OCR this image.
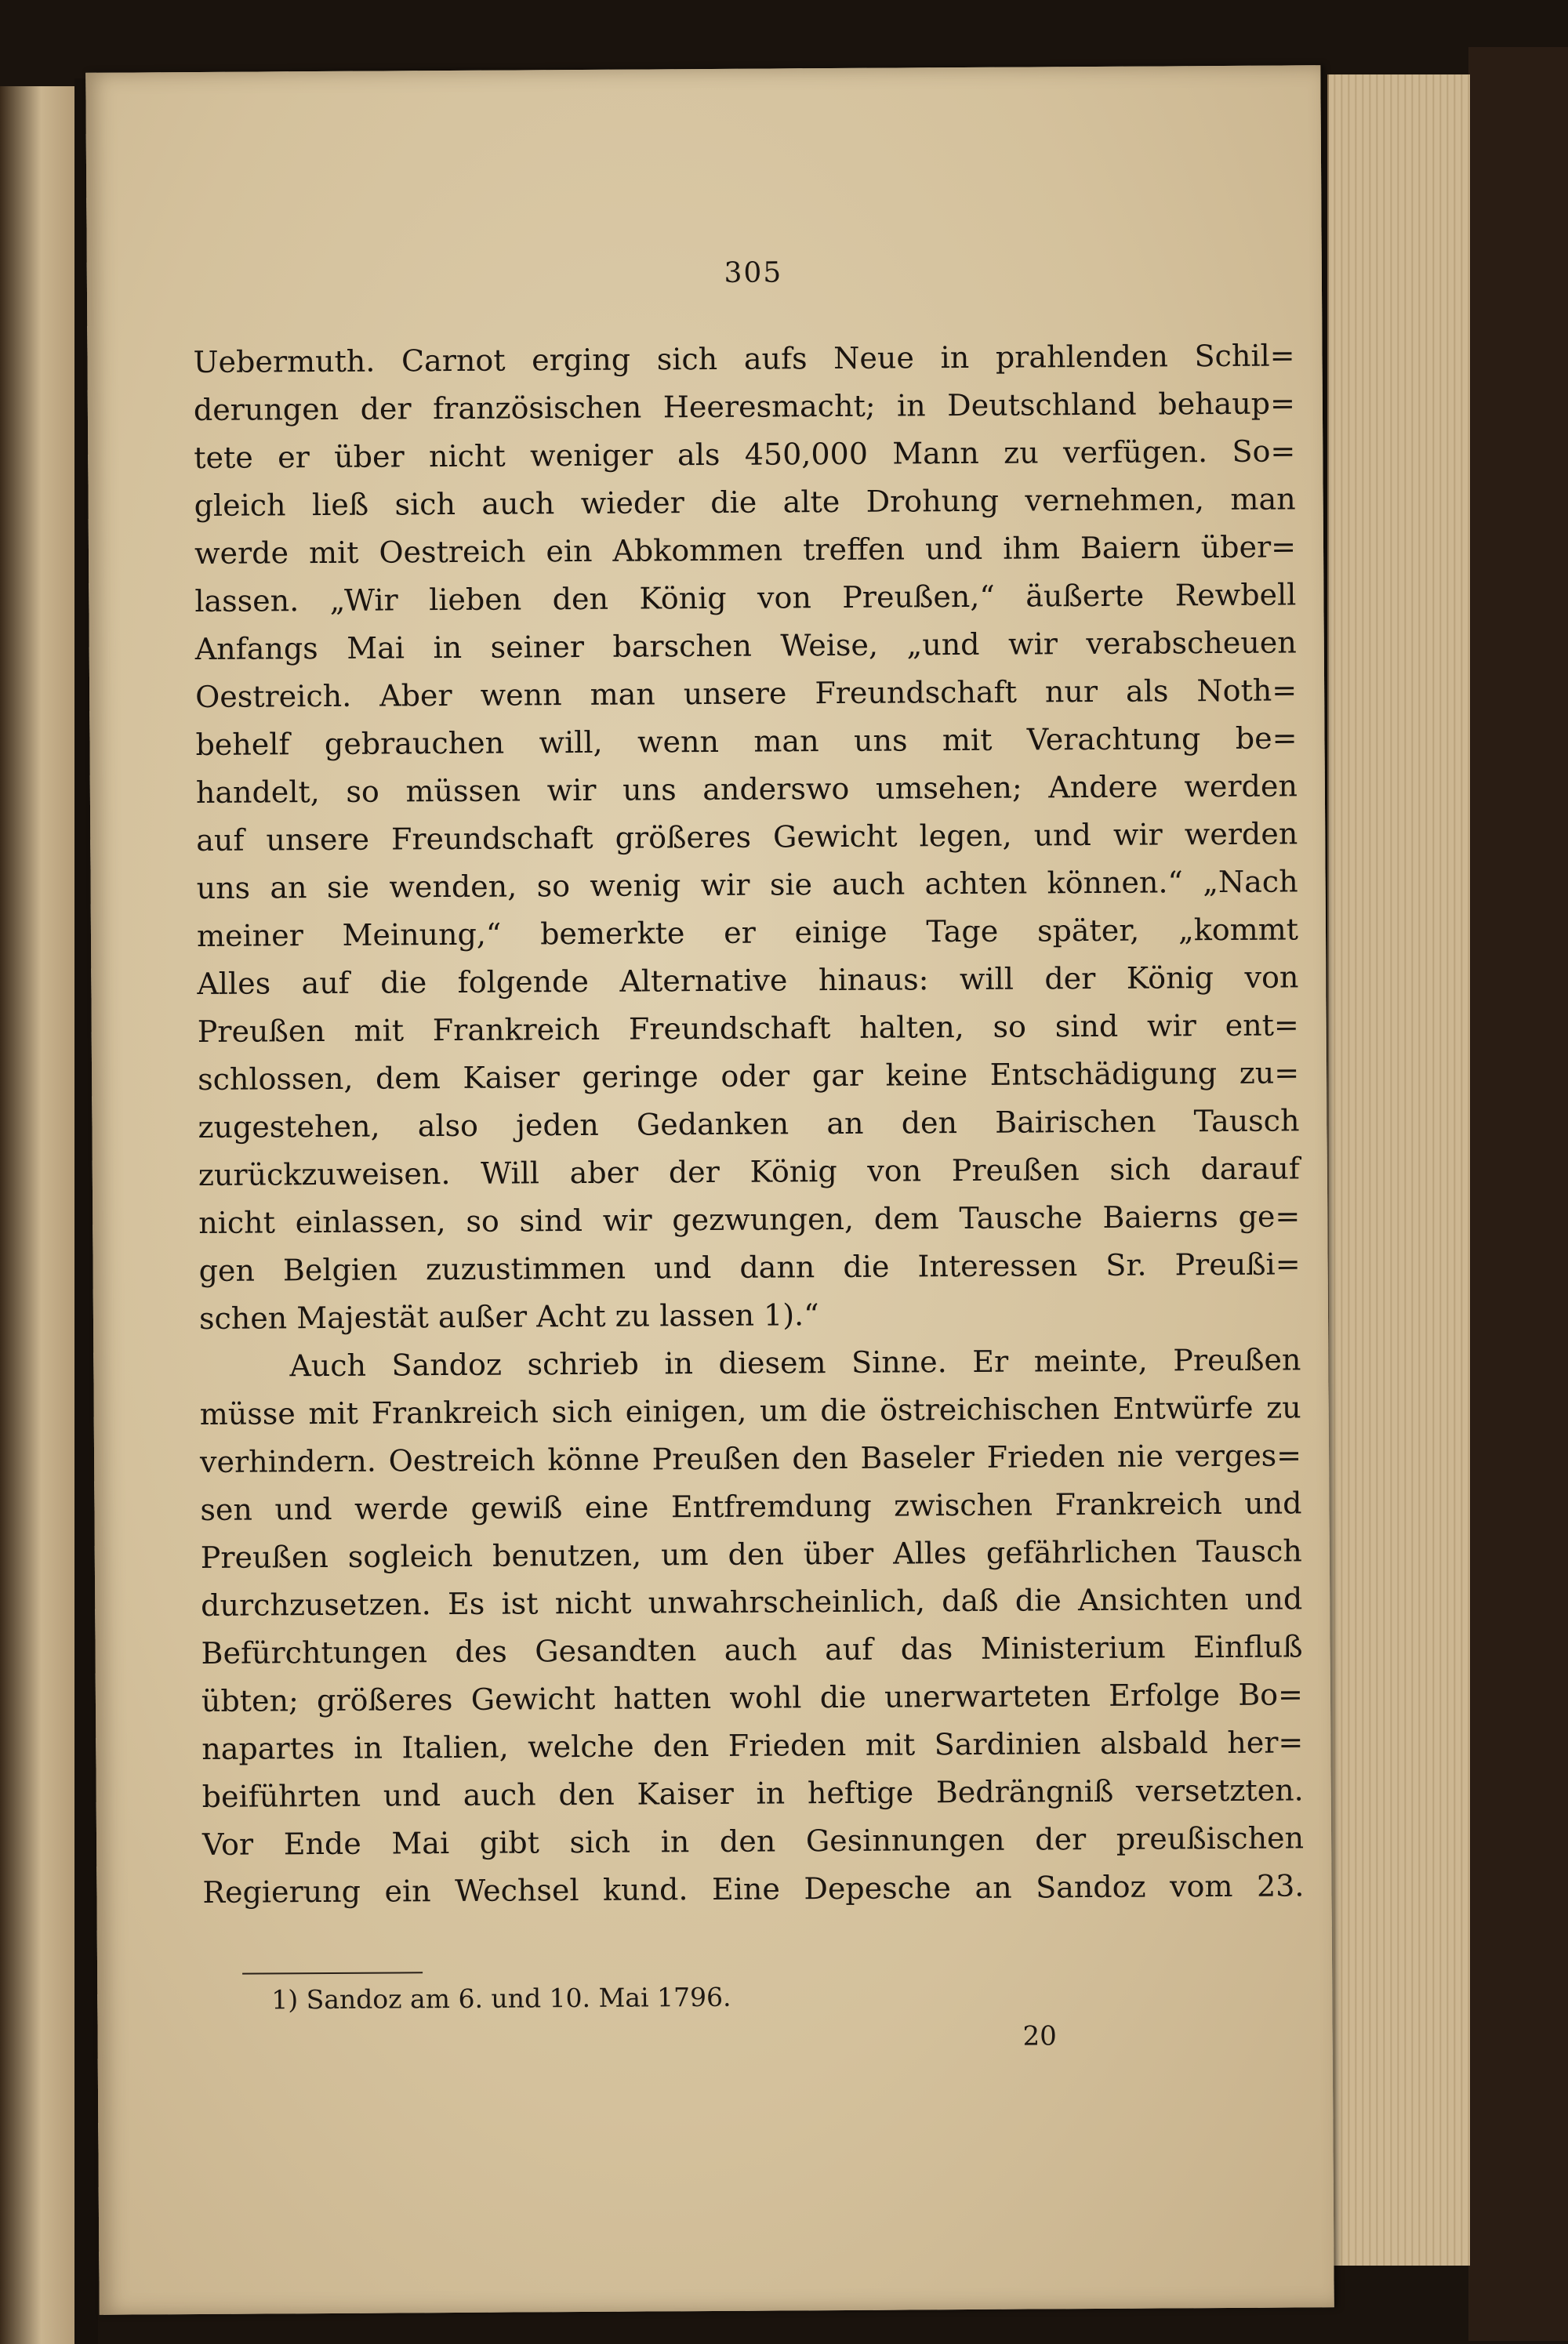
305
Uebermuth. Carnot erging sich aufs Neue in prahlenden Schil=
derungen der französischen Heeresmacht; in Deutschland behaup=
tete er über nicht weniger als 450,000 Mann zu verfügen. So=
gleich ließ sich auch wieder die alte Drohung vernehmen, man
werde mit Oestreich ein Abkommen treffen und ihm Baiern über=
lassen. „Wir lieben den König von Preußen,“ äußerte Rewbell
Anfangs Mai in seiner barschen Weise, „und wir verabscheuen
Oestreich. Aber wenn man unsere Freundschaft nur als Noth=
behelf gebrauchen will, wenn man uns mit Verachtung be=
handelt, so müssen wir uns anderswo umsehen; Andere werden
auf unsere Freundschaft größeres Gewicht legen, und wir werden
uns an sie wenden, so wenig wir sie auch achten können.“ „Nach
meiner Meinung,“ bemerkte er einige Tage später, „kommt
Alles auf die folgende Alternative hinaus: will der König von
Preußen mit Frankreich Freundschaft halten, so sind wir ent=
schlossen, dem Kaiser geringe oder gar keine Entschädigung zu=
zugestehen, also jeden Gedanken an den Bairischen Tausch
zurückzuweisen. Will aber der König von Preußen sich darauf
nicht einlassen, so sind wir gezwungen, dem Tausche Baierns ge=
gen Belgien zuzustimmen und dann die Interessen Sr. Preußi=
schen Majestät außer Acht zu lassen 1).“
Auch Sandoz schrieb in diesem Sinne. Er meinte, Preußen
müsse mit Frankreich sich einigen, um die östreichischen Entwürfe zu
verhindern. Oestreich könne Preußen den Baseler Frieden nie verges=
sen und werde gewiß eine Entfremdung zwischen Frankreich und
Preußen sogleich benutzen, um den über Alles gefährlichen Tausch
durchzusetzen. Es ist nicht unwahrscheinlich, daß die Ansichten und
Befürchtungen des Gesandten auch auf das Ministerium Einfluß
übten; größeres Gewicht hatten wohl die unerwarteten Erfolge Bo=
napartes in Italien, welche den Frieden mit Sardinien alsbald her=
beiführten und auch den Kaiser in heftige Bedrängniß versetzten.
Vor Ende Mai gibt sich in den Gesinnungen der preußischen
Regierung ein Wechsel kund. Eine Depesche an Sandoz vom 23.
1) Sandoz am 6. und 10. Mai 1796.
20
